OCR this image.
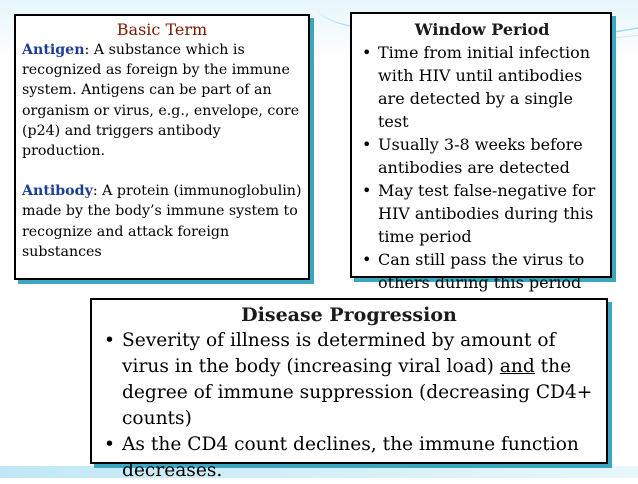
Basic Term

Antigen: A substance which is recognized as foreign by the immune system. Antigens can be part of an organism or virus, e.g., envelope, core (p24) and triggers antibody production.

Antibody: A protein (immunoglobulin) made by the body’s immune system to recognize and attack foreign substances

Window Period
• Time from initial infection with HIV until antibodies are detected by a single test
• Usually 3-8 weeks before antibodies are detected
• May test false-negative for HIV antibodies during this time period
• Can still pass the virus to others during this period
Disease Progression
• Severity of illness is determined by amount of virus in the body (increasing viral load) and the degree of immune suppression (decreasing CD4+ counts)
• As the CD4 count declines, the immune function decreases.
